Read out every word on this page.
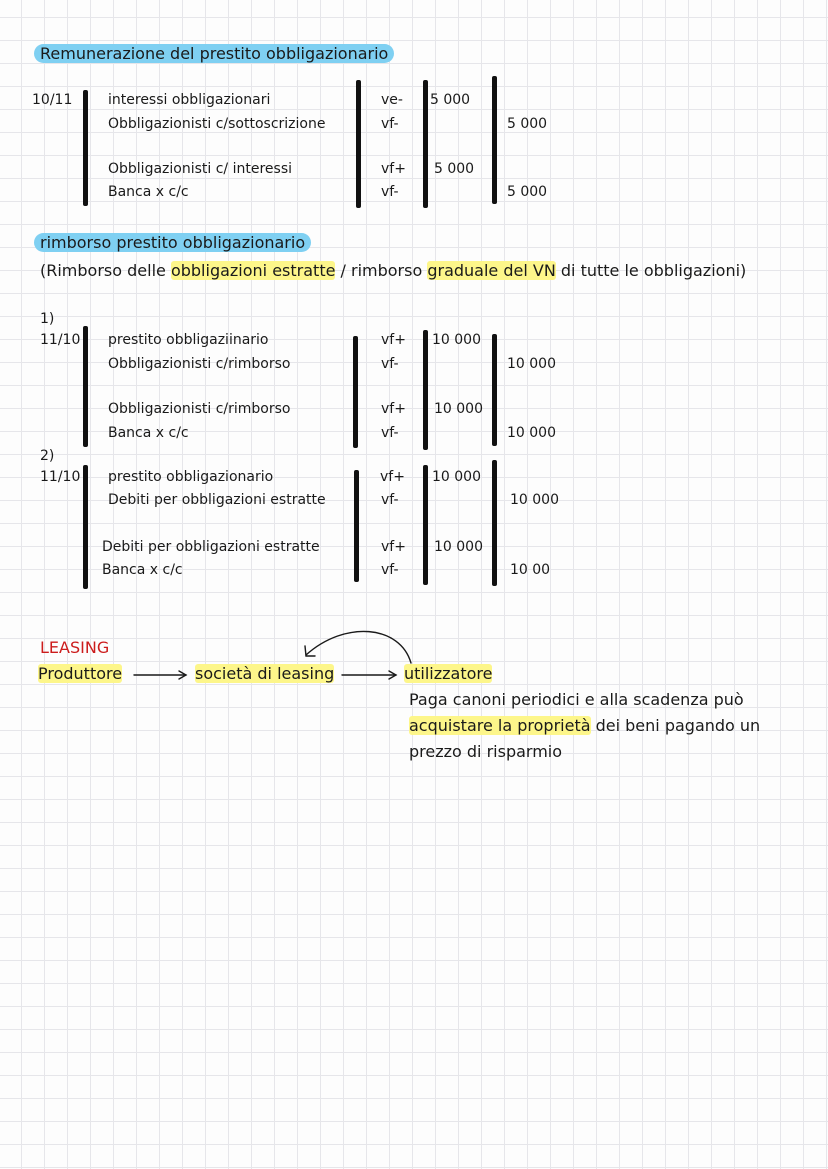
Remunerazione del prestito obbligazionario
10/11	interessi obbligazionari	ve- 5 000
Obbligazionisti c/sottoscrizione	vf-	5 000
Obbligazionisti c/ interessi	vf+ 5 000
Banca x c/c	vf-	5 000
rimborso prestito obbligazionario
(Rimborso delle obbligazioni estratte / rimborso graduale del VN di tutte le obbligazioni)
1)
11/10 prestito obbligaziinario	vf+ 10 000
Obbligazionisti c/rimborso	vf-	10 000
Obbligazionisti c/rimborso	vf+ 10 000
Banca x c/c	vf-	10 000
2)
11/10 prestito obbligazionario	vf+ 10 000
Debiti per obbligazioni estratte	vf-	10 000
Debiti per obbligazioni estratte	vf+ 10 000
Banca x c/c	vf-	10 00
LEASING
Produttore	società di leasing	utilizzatore
Paga canoni periodici e alla scadenza può
acquistare la proprietà dei beni pagando un
prezzo di risparmio
